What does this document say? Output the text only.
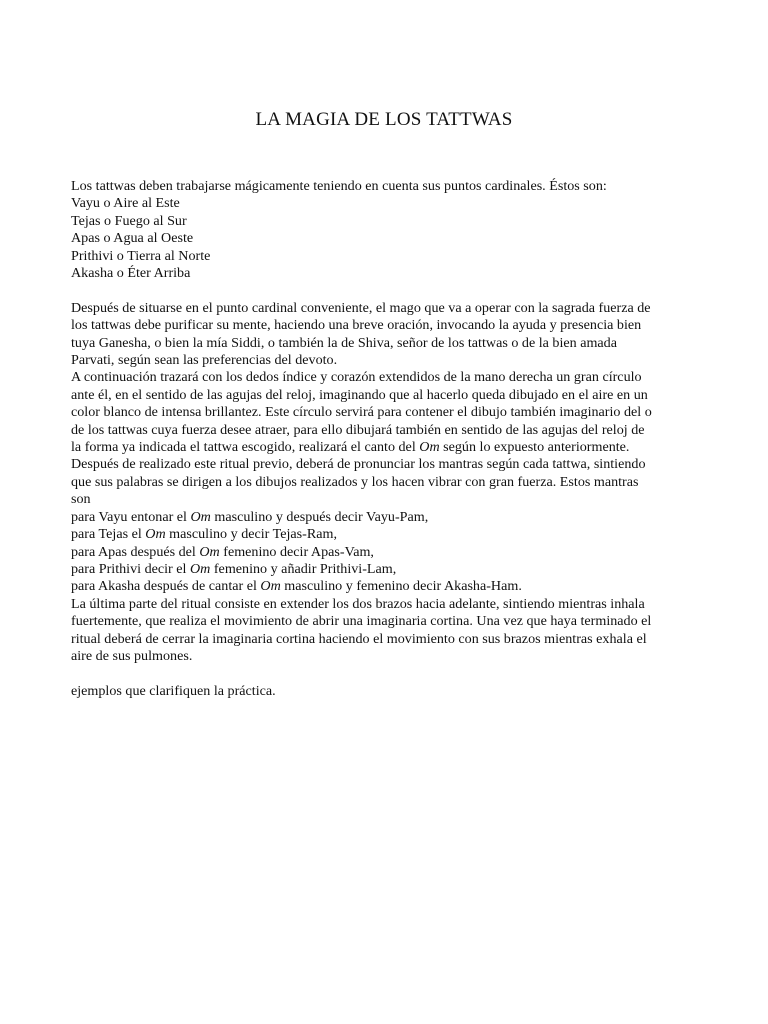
LA MAGIA DE LOS TATTWAS
Los tattwas deben trabajarse mágicamente teniendo en cuenta sus puntos cardinales. Éstos son:
Vayu o Aire al Este
Tejas o Fuego al Sur
Apas o Agua al Oeste
Prithivi o Tierra al Norte
Akasha o Éter Arriba
Después de situarse en el punto cardinal conveniente, el mago que va a operar con la sagrada fuerza de
los tattwas debe purificar su mente, haciendo una breve oración, invocando la ayuda y presencia bien
tuya Ganesha, o bien la mía Siddi, o también la de Shiva, señor de los tattwas o de la bien amada
Parvati, según sean las preferencias del devoto.
A continuación trazará con los dedos índice y corazón extendidos de la mano derecha un gran círculo
ante él, en el sentido de las agujas del reloj, imaginando que al hacerlo queda dibujado en el aire en un
color blanco de intensa brillantez. Este círculo servirá para contener el dibujo también imaginario del o
de los tattwas cuya fuerza desee atraer, para ello dibujará también en sentido de las agujas del reloj de
la forma ya indicada el tattwa escogido, realizará el canto del Om según lo expuesto anteriormente.
Después de realizado este ritual previo, deberá de pronunciar los mantras según cada tattwa, sintiendo
que sus palabras se dirigen a los dibujos realizados y los hacen vibrar con gran fuerza. Estos mantras
son
para Vayu entonar el Om masculino y después decir Vayu-Pam,
para Tejas el Om masculino y decir Tejas-Ram,
para Apas después del Om femenino decir Apas-Vam,
para Prithivi decir el Om femenino y añadir Prithivi-Lam,
para Akasha después de cantar el Om masculino y femenino decir Akasha-Ham.
La última parte del ritual consiste en extender los dos brazos hacia adelante, sintiendo mientras inhala
fuertemente, que realiza el movimiento de abrir una imaginaria cortina. Una vez que haya terminado el
ritual deberá de cerrar la imaginaria cortina haciendo el movimiento con sus brazos mientras exhala el
aire de sus pulmones.
ejemplos que clarifiquen la práctica.
